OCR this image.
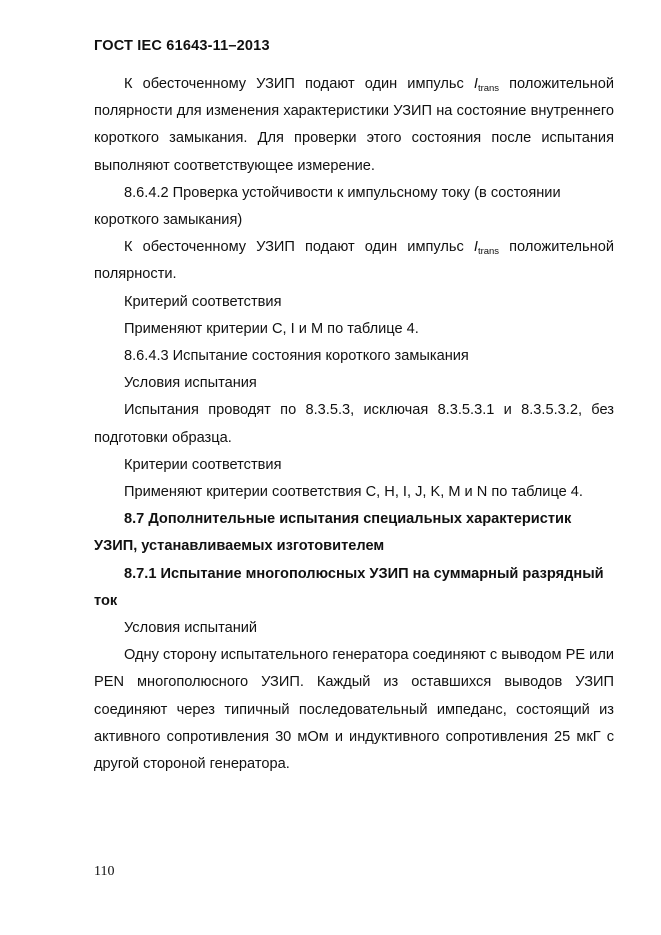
ГОСТ IEC 61643-11–2013

К обесточенному УЗИП подают один импульс $I_{trans}$ положительной полярности для изменения характеристики УЗИП на состояние внутреннего короткого замыкания. Для проверки этого состояния после испытания выполняют соответствующее измерение.

8.6.4.2 Проверка устойчивости к импульсному току (в состоянии короткого замыкания)

К обесточенному УЗИП подают один импульс $I_{trans}$ положительной полярности.

Критерий соответствия

Применяют критерии C, I и M по таблице 4.

8.6.4.3 Испытание состояния короткого замыкания

Условия испытания

Испытания проводят по 8.3.5.3, исключая 8.3.5.3.1 и 8.3.5.3.2, без подготовки образца.

Критерии соответствия

Применяют критерии соответствия C, H, I, J, K, M и N по таблице 4.

8.7 Дополнительные испытания специальных характеристик УЗИП, устанавливаемых изготовителем

8.7.1 Испытание многополюсных УЗИП на суммарный разрядный ток

Условия испытаний

Одну сторону испытательного генератора соединяют с выводом PE или PEN многополюсного УЗИП. Каждый из оставшихся выводов УЗИП соединяют через типичный последовательный импеданс, состоящий из активного сопротивления 30 мОм и индуктивного сопротивления 25 мкГ с другой стороной генератора.

110
